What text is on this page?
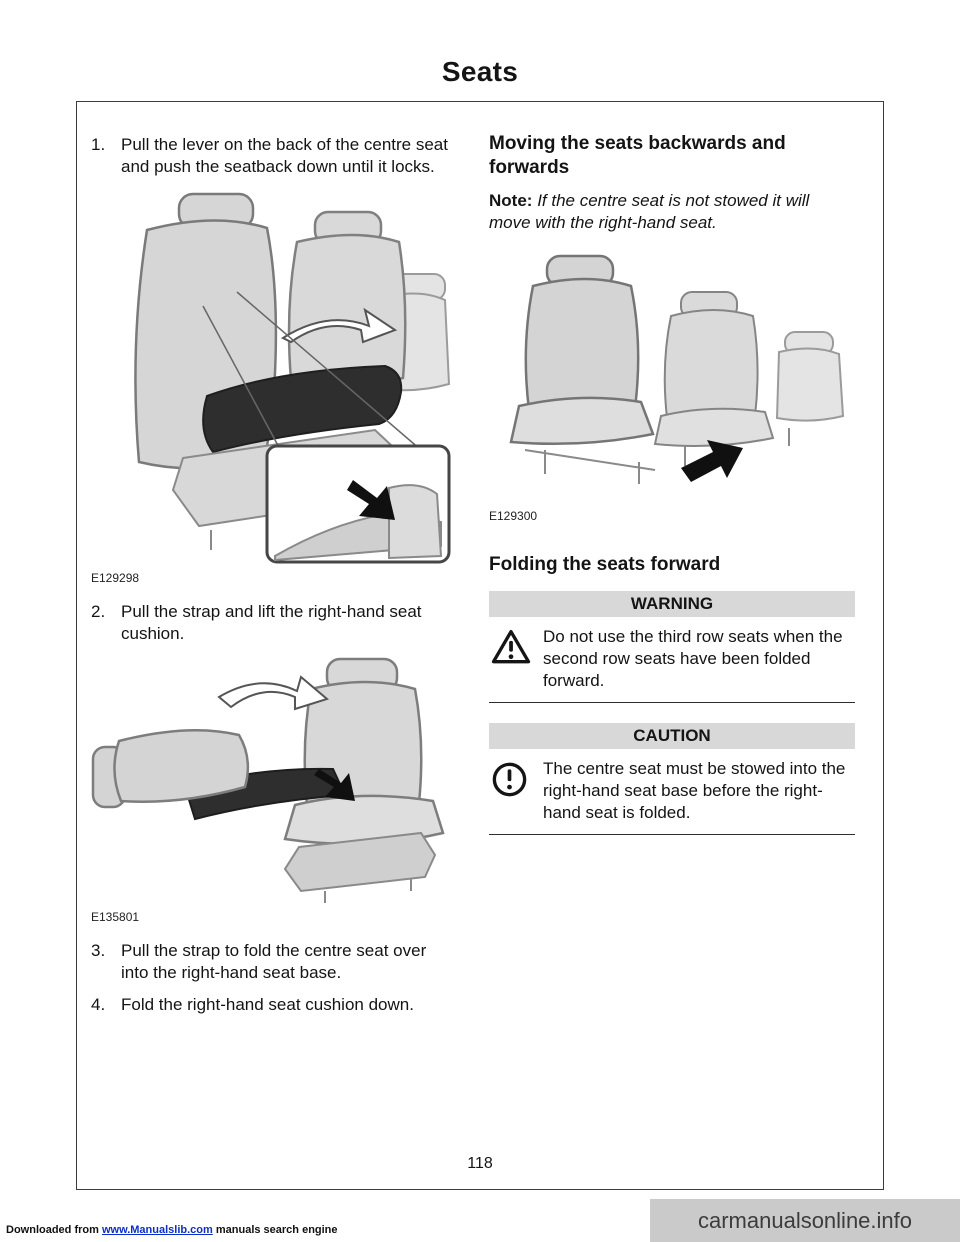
Seats
1. Pull the lever on the back of the centre seat and push the seatback down until it locks.
E129298
2. Pull the strap and lift the right-hand seat cushion.
E135801
3. Pull the strap to fold the centre seat over into the right-hand seat base.
4. Fold the right-hand seat cushion down.
Moving the seats backwards and forwards
Note: If the centre seat is not stowed it will move with the right-hand seat.
E129300
Folding the seats forward
WARNING
Do not use the third row seats when the second row seats have been folded forward.
CAUTION
The centre seat must be stowed into the right-hand seat base before the right-hand seat is folded.
118
Downloaded from www.Manualslib.com manuals search engine	carmanualsonline.info
